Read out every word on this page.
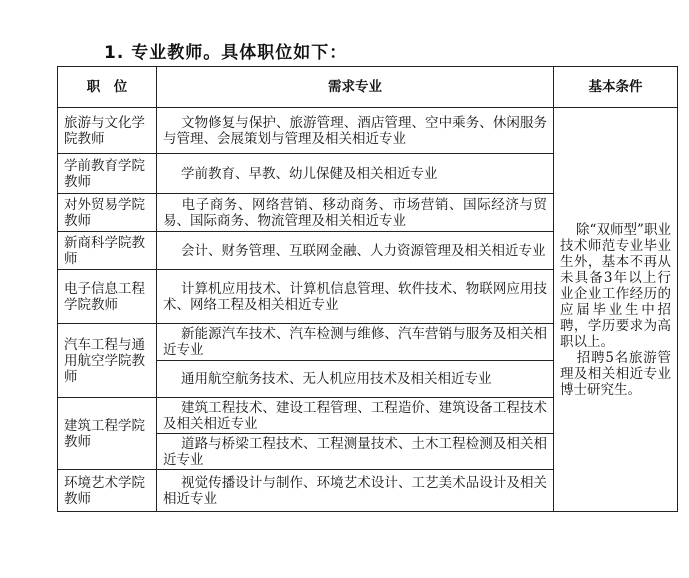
1. 专业教师。具体职位如下：
职　位	需求专业	基本条件
旅游与文化学院教师	文物修复与保护、旅游管理、酒店管理、空中乘务、休闲服务与管理、会展策划与管理及相关相近专业	除“双师型”职业技术师范专业毕业生外，基本不再从未具备3年以上行业企业工作经历的应届毕业生中招聘，学历要求为高职以上。

招聘5名旅游管理及相关相近专业博士研究生。

学前教育学院教师	学前教育、早教、幼儿保健及相关相近专业	
对外贸易学院教师	电子商务、网络营销、移动商务、市场营销、国际经济与贸易、国际商务、物流管理及相关相近专业	
新商科学院教师	会计、财务管理、互联网金融、人力资源管理及相关相近专业	
电子信息工程学院教师	计算机应用技术、计算机信息管理、软件技术、物联网应用技术、网络工程及相关相近专业	
汽车工程与通用航空学院教师	新能源汽车技术、汽车检测与维修、汽车营销与服务及相关相近专业	
	通用航空航务技术、无人机应用技术及相关相近专业	
建筑工程学院教师	建筑工程技术、建设工程管理、工程造价、建筑设备工程技术及相关相近专业	
	道路与桥梁工程技术、工程测量技术、土木工程检测及相关相近专业	
环境艺术学院教师	视觉传播设计与制作、环境艺术设计、工艺美术品设计及相关相近专业	
